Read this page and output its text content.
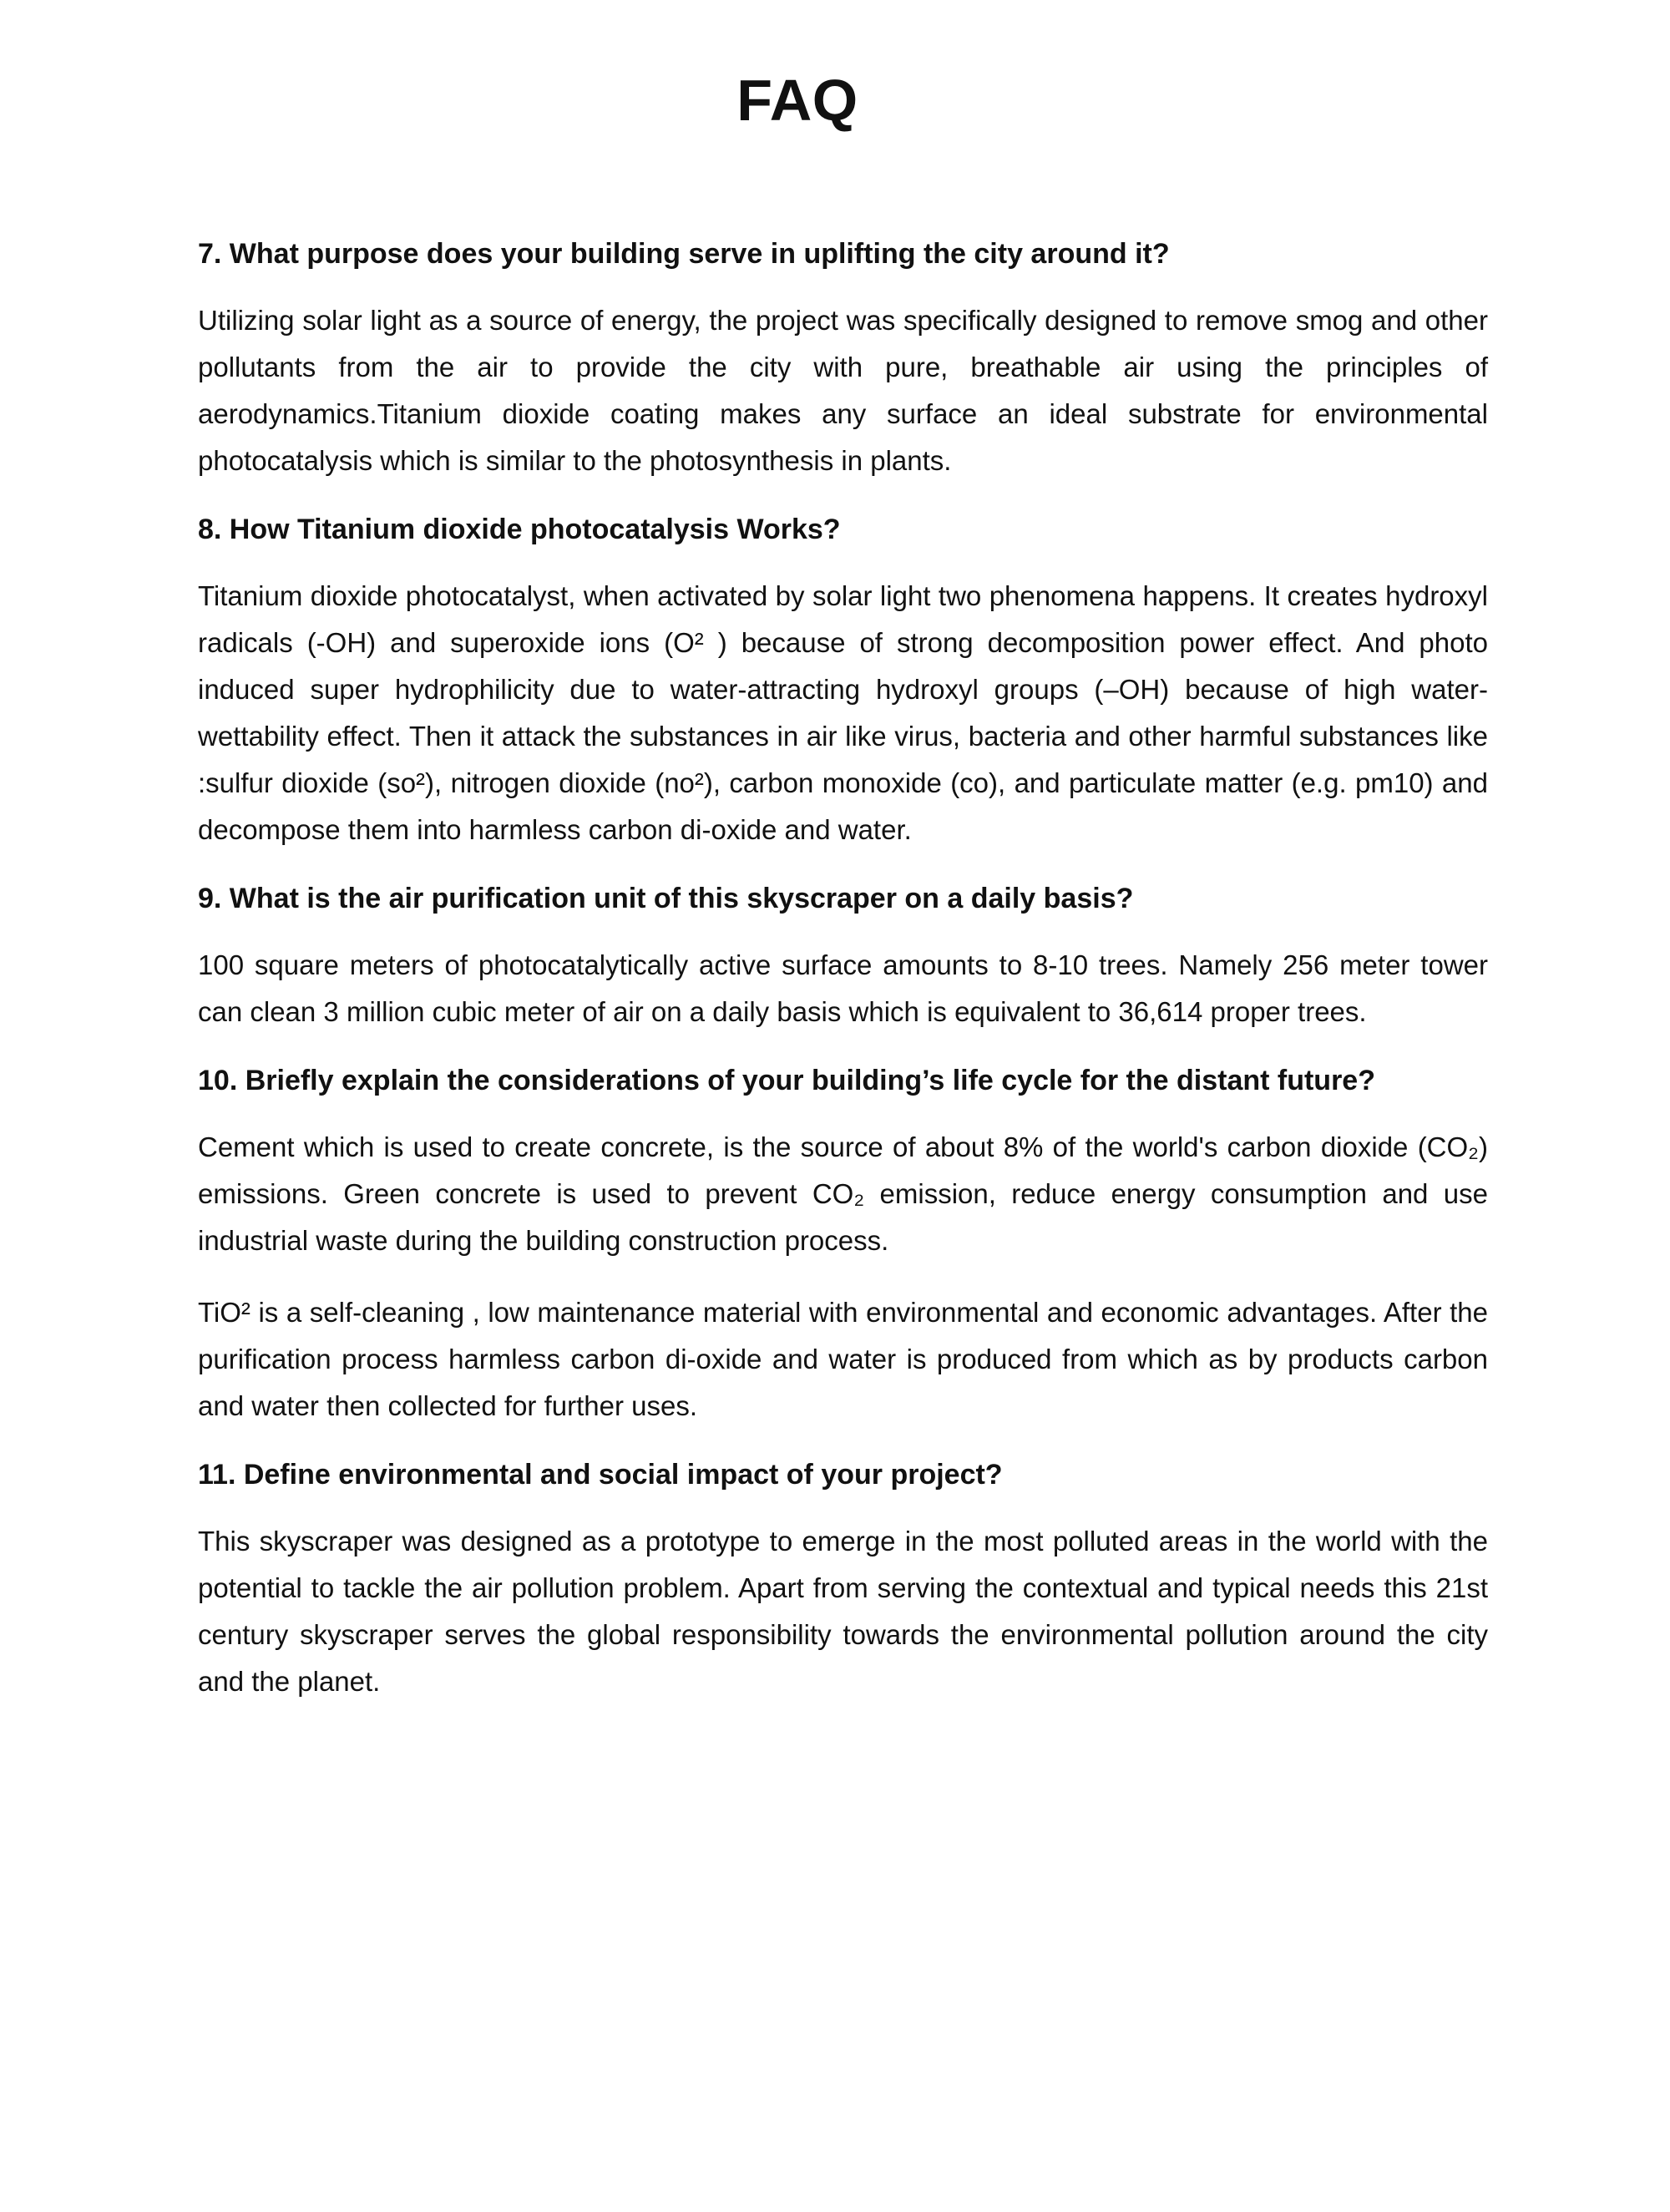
FAQ

7. What purpose does your building serve in uplifting the city around it?

Utilizing solar light as a source of energy, the project was specifically designed to remove smog and other pollutants from the air to provide the city with pure, breathable air using the principles of aerodynamics.Titanium dioxide coating makes any surface an ideal substrate for environmental photocatalysis which is similar to the photosynthesis in plants.

8. How Titanium dioxide photocatalysis Works?

Titanium dioxide photocatalyst, when activated by solar light two phenomena happens. It creates hydroxyl radicals (-OH) and superoxide ions (O² ) because of strong decomposition power effect. And photo induced super hydrophilicity due to water-attracting hydroxyl groups (–OH) because of high water-wettability effect. Then it attack the substances in air like virus, bacteria and other harmful substances like :sulfur dioxide (so²), nitrogen dioxide (no²), carbon monoxide (co), and particulate matter (e.g. pm10) and decompose them into harmless carbon di-oxide and water.

9. What is the air purification unit of this skyscraper on a daily basis?

100 square meters of photocatalytically active surface amounts to 8-10 trees. Namely 256 meter tower can clean 3 million cubic meter of air on a daily basis which is equivalent to 36,614 proper trees.

10. Briefly explain the considerations of your building’s life cycle for the distant future?

Cement which is used to create concrete, is the source of about 8% of the world's carbon dioxide (CO₂) emissions. Green concrete is used to prevent CO₂ emission, reduce energy consumption and use industrial waste during the building construction process.

TiO² is a self-cleaning , low maintenance material with environmental and economic advantages. After the purification process harmless carbon di-oxide and water is produced from which as by products carbon and water then collected for further uses.

11. Define environmental and social impact of your project?

This skyscraper was designed as a prototype to emerge in the most polluted areas in the world with the potential to tackle the air pollution problem. Apart from serving the contextual and typical needs this 21st century skyscraper serves the global responsibility towards the environmental pollution around the city and the planet.
